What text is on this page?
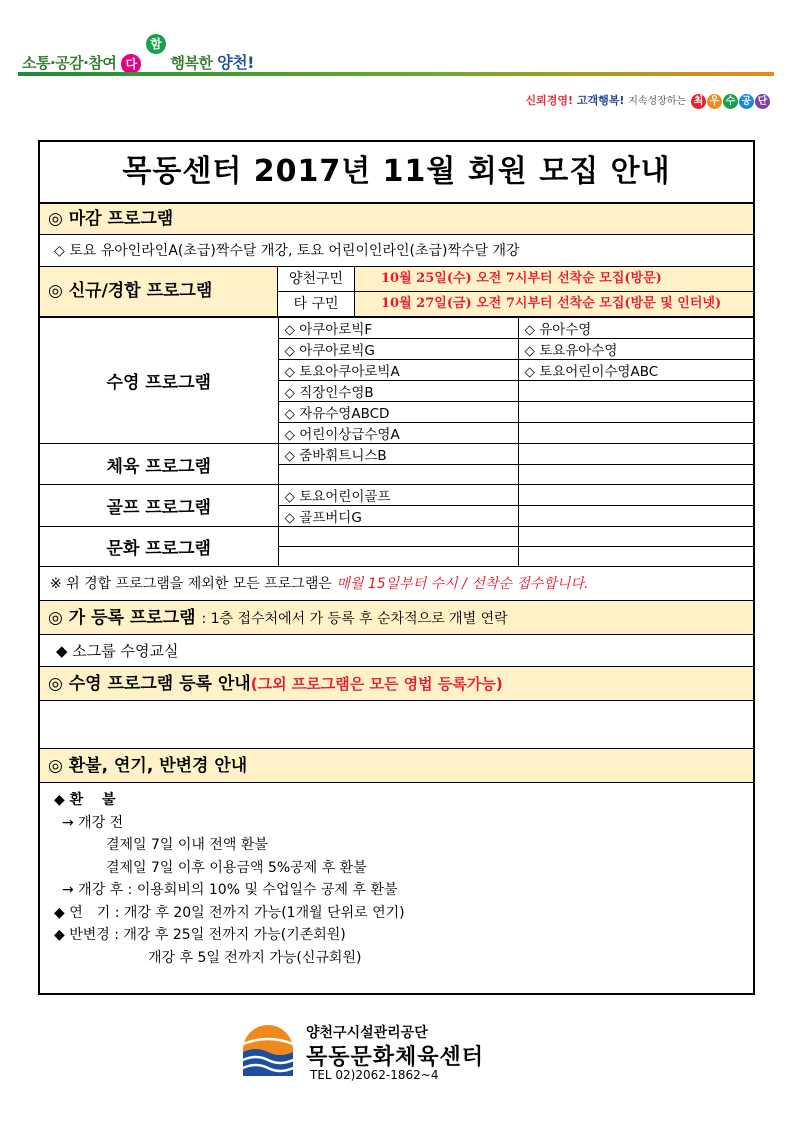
소통·공감·참여 다 함께 행복한 양천!
신뢰경영! 고객행복! 지속성장하는 최 우 수 공 단
목동센터 2017년 11월 회원 모집 안내
◎ 마감 프로그램
◇ 토요 유아인라인A(초급)짝수달 개강, 토요 어린이인라인(초급)짝수달 개강
◎ 신규/경합 프로그램
양천구민	10월 25일(수) 오전 7시부터 선착순 모집(방문)
타 구민	10월 27일(금) 오전 7시부터 선착순 모집(방문 및 인터넷)
수영 프로그램	◇ 아쿠아로빅F	◇유아수영
◇ 아쿠아로빅G	◇토요유아수영
◇ 토요아쿠아로빅A	◇토요어린이수영ABC
◇ 직장인수영B	
◇ 자유수영ABCD	
◇ 어린이상급수영A	
체육 프로그램	◇ 줌바휘트니스B	

골프 프로그램	◇ 토요어린이골프	
◇ 골프버디G	
문화 프로그램		

※ 위 경합 프로그램을 제외한 모든 프로그램은 매월 15일부터 수시 / 선착순 접수합니다.
◎ 가 등록 프로그램 : 1층 접수처에서 가 등록 후 순차적으로 개별 연락
◆ 소그룹 수영교실
◎ 수영 프로그램 등록 안내(그외 프로그램은 모든 영법 등록가능)
◎ 환불, 연기, 반변경 안내
◆ 환　 불
→ 개강 전
결제일 7일 이내 전액 환불
결제일 7일 이후 이용금액 5%공제 후 환불
→ 개강 후 : 이용회비의 10% 및 수업일수 공제 후 환불
◆ 연　기 : 개강 후 20일 전까지 가능(1개월 단위로 연기)
◆ 반변경 : 개강 후 25일 전까지 가능(기존회원)
개강 후 5일 전까지 가능(신규회원)
양천구시설관리공단
목동문화체육센터
TEL 02)2062-1862~4
